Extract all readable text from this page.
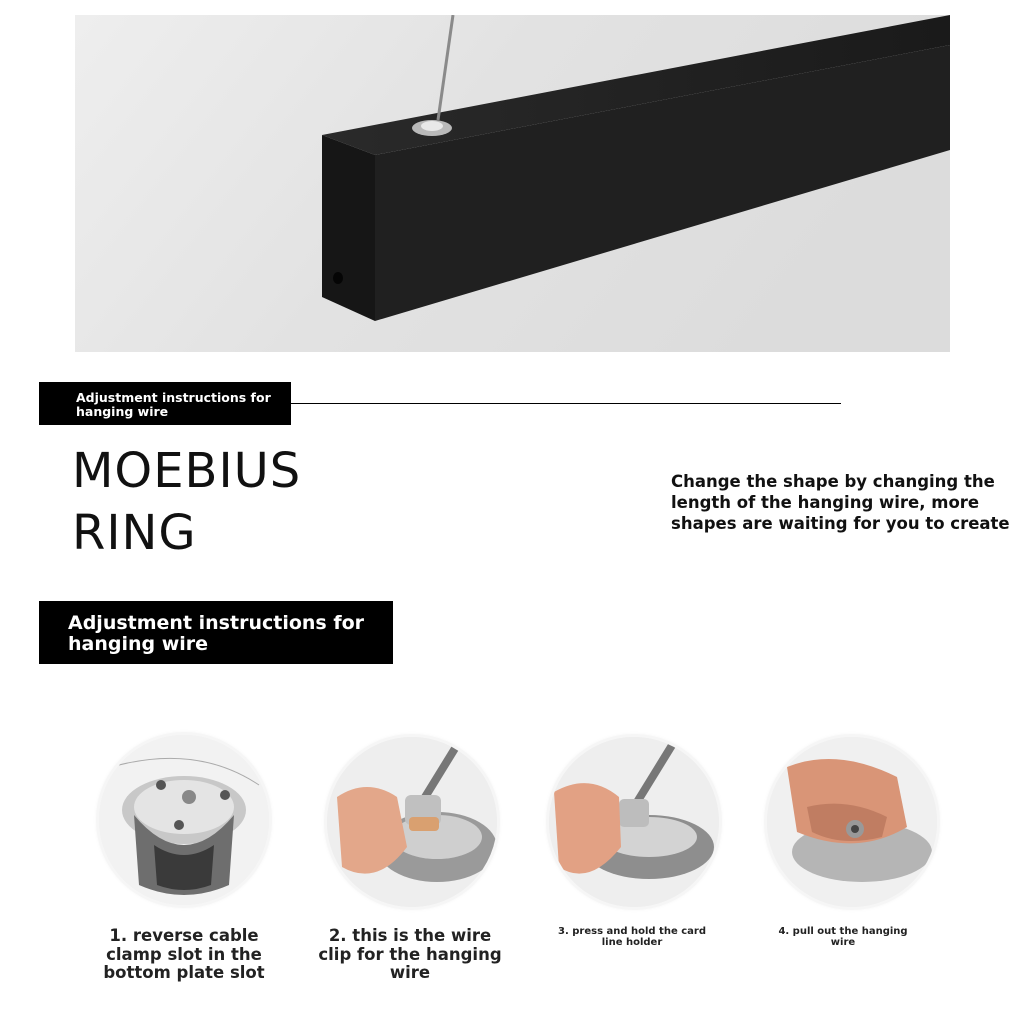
Adjustment instructions for hanging wire
MOEBIUS
RING
Change the shape by changing the length of the hanging wire, more shapes are waiting for you to create
Adjustment instructions for hanging wire
1. reverse cable clamp slot in the bottom plate slot
2. this is the wire clip for the hanging wire
3. press and hold the card line holder
4. pull out the hanging wire
